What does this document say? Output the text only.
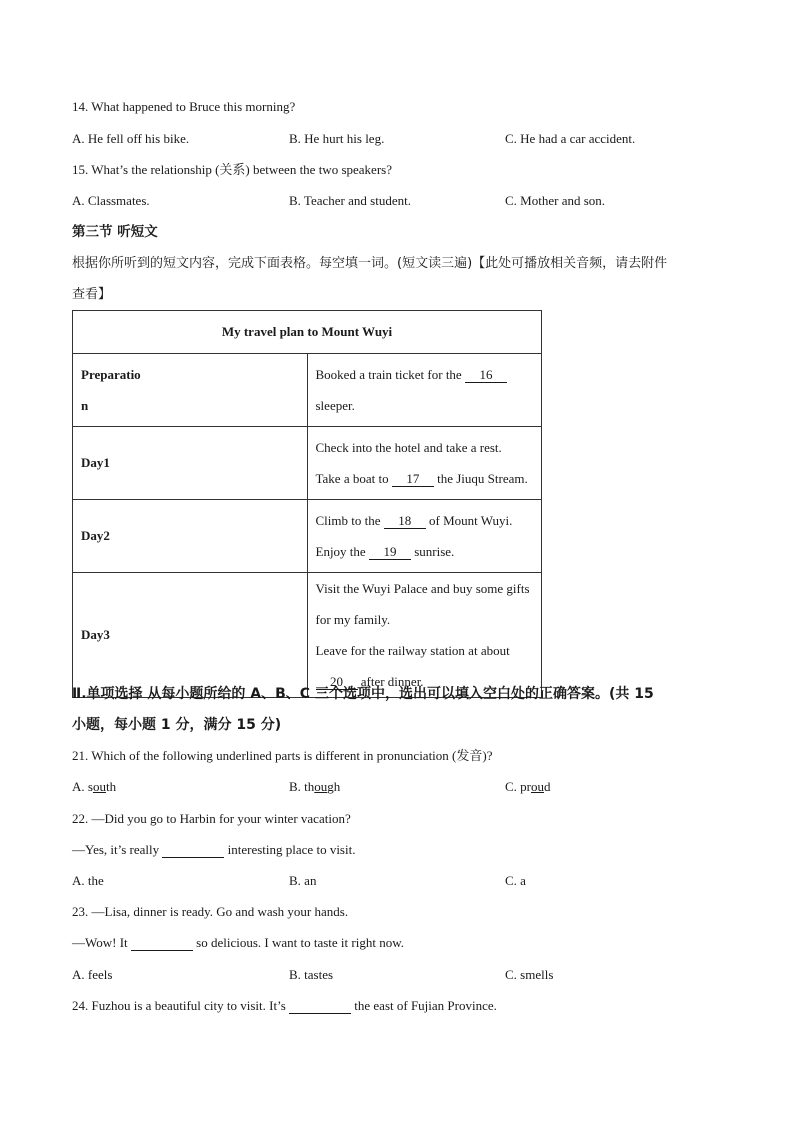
14. What happened to Bruce this morning?
A. He fell off his bike.	B. He hurt his leg.	C. He had a car accident.
15. What’s the relationship (关系) between the two speakers?
A. Classmates.	B. Teacher and student.	C. Mother and son.
第三节 听短文
根据你所听到的短文内容，完成下面表格。每空填一词。(短文读三遍)【此处可播放相关音频，请去附件
查看】
My travel plan to Mount Wuyi	

Preparatio
n	Booked a train ticket for the 16 sleeper.

Day1	Check into the hotel and take a rest.
Take a boat to 17 the Jiuqu Stream.

Day2	Climb to the 18 of Mount Wuyi.
Enjoy the 19 sunrise.

Day3	Visit the Wuyi Palace and buy some gifts for my family.
Leave for the railway station at about 20 after dinner.
Ⅱ.单项选择 从每小题所给的 A、B、C 三个选项中，选出可以填入空白处的正确答案。(共 15
小题，每小题 1 分，满分 15 分)
21. Which of the following underlined parts is different in pronunciation (发音)?
A. south	B. though	C. proud
22. —Did you go to Harbin for your winter vacation?
—Yes, it’s really	interesting place to visit.
A. the	B. an	C. a
23. —Lisa, dinner is ready. Go and wash your hands.
—Wow! It	so delicious. I want to taste it right now.
A. feels	B. tastes	C. smells
24. Fuzhou is a beautiful city to visit. It’s	the east of Fujian Province.
